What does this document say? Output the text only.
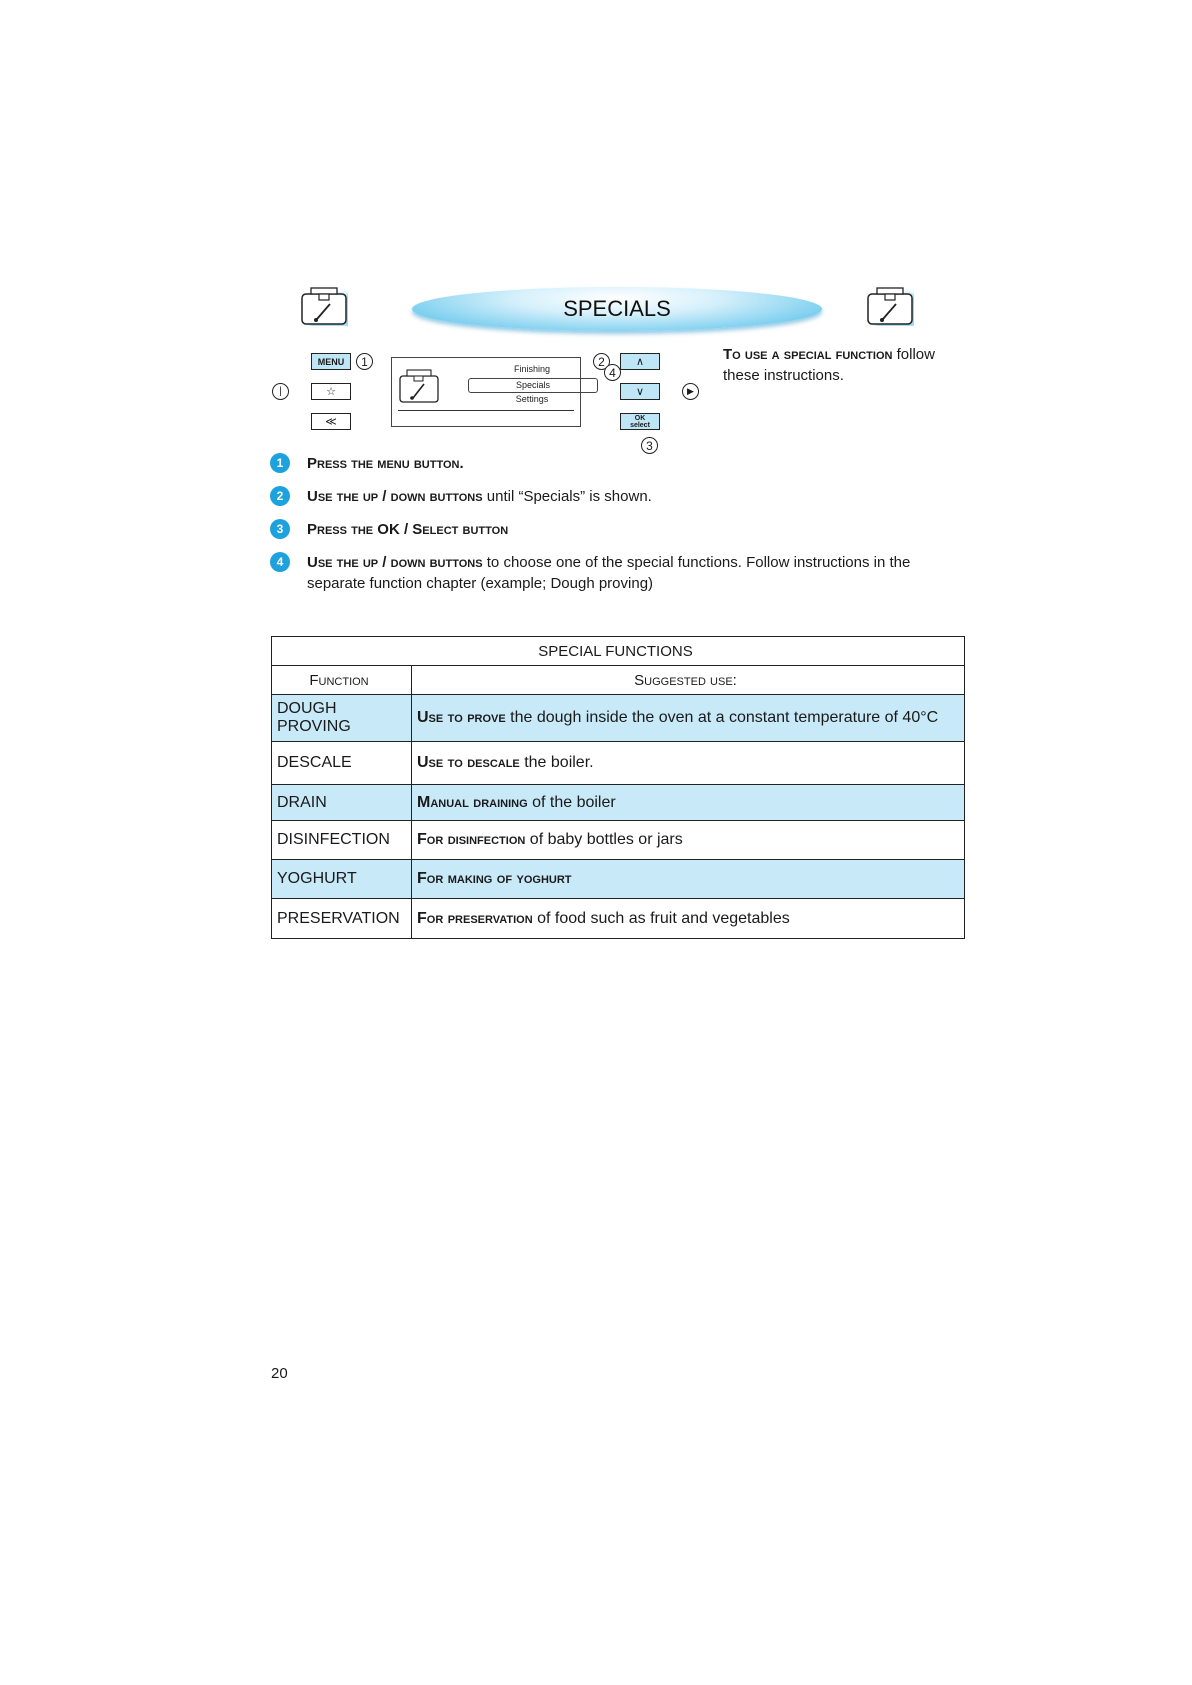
SPECIALS
|
MENU	1
☆
≪
Finishing
Specials
Settings
2
4
∧
∨
OK
select
3
▶
To use a special function follow these instructions.
1	Press the menu button.
2	Use the up / down buttons until “Specials” is shown.
3	Press the OK / Select button
4	Use the up / down buttons to choose one of the special functions. Follow instructions in the separate function chapter (example; Dough proving)
SPECIAL FUNCTIONS	
Function	Suggested use:
DOUGH PROVING	Use to prove the dough inside the oven at a constant temperature of 40°C
DESCALE	Use to descale the boiler.
DRAIN	Manual draining of the boiler
DISINFECTION	For disinfection of baby bottles or jars
YOGHURT	For making of yoghurt
PRESERVATION	For preservation of food such as fruit and vegetables
20
